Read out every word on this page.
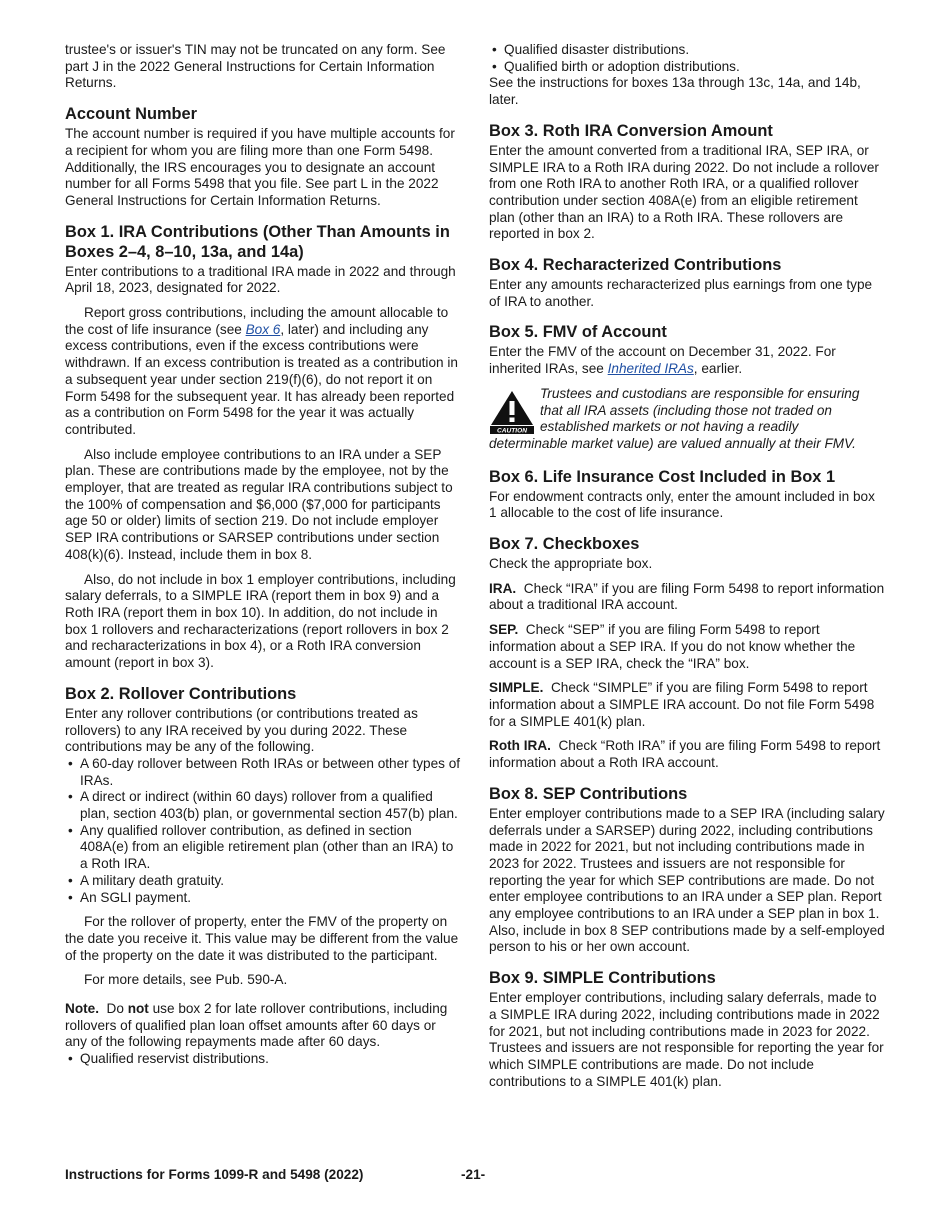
trustee's or issuer's TIN may not be truncated on any form. See part J in the 2022 General Instructions for Certain Information Returns.

Account Number

The account number is required if you have multiple accounts for a recipient for whom you are filing more than one Form 5498. Additionally, the IRS encourages you to designate an account number for all Forms 5498 that you file. See part L in the 2022 General Instructions for Certain Information Returns.

Box 1. IRA Contributions (Other Than Amounts in Boxes 2–4, 8–10, 13a, and 14a)

Enter contributions to a traditional IRA made in 2022 and through April 18, 2023, designated for 2022.

Report gross contributions, including the amount allocable to the cost of life insurance (see Box 6, later) and including any excess contributions, even if the excess contributions were withdrawn. If an excess contribution is treated as a contribution in a subsequent year under section 219(f)(6), do not report it on Form 5498 for the subsequent year. It has already been reported as a contribution on Form 5498 for the year it was actually contributed.

Also include employee contributions to an IRA under a SEP plan. These are contributions made by the employee, not by the employer, that are treated as regular IRA contributions subject to the 100% of compensation and $6,000 ($7,000 for participants age 50 or older) limits of section 219. Do not include employer SEP IRA contributions or SARSEP contributions under section 408(k)(6). Instead, include them in box 8.

Also, do not include in box 1 employer contributions, including salary deferrals, to a SIMPLE IRA (report them in box 9) and a Roth IRA (report them in box 10). In addition, do not include in box 1 rollovers and recharacterizations (report rollovers in box 2 and recharacterizations in box 4), or a Roth IRA conversion amount (report in box 3).

Box 2. Rollover Contributions

Enter any rollover contributions (or contributions treated as rollovers) to any IRA received by you during 2022. These contributions may be any of the following.

• A 60-day rollover between Roth IRAs or between other types of IRAs.
• A direct or indirect (within 60 days) rollover from a qualified plan, section 403(b) plan, or governmental section 457(b) plan.
• Any qualified rollover contribution, as defined in section 408A(e) from an eligible retirement plan (other than an IRA) to a Roth IRA.
• A military death gratuity.
• An SGLI payment.

For the rollover of property, enter the FMV of the property on the date you receive it. This value may be different from the value of the property on the date it was distributed to the participant.

For more details, see Pub. 590-A.

Note. Do not use box 2 for late rollover contributions, including rollovers of qualified plan loan offset amounts after 60 days or any of the following repayments made after 60 days.

• Qualified reservist distributions.
• Qualified disaster distributions.
• Qualified birth or adoption distributions.

See the instructions for boxes 13a through 13c, 14a, and 14b, later.

Box 3. Roth IRA Conversion Amount

Enter the amount converted from a traditional IRA, SEP IRA, or SIMPLE IRA to a Roth IRA during 2022. Do not include a rollover from one Roth IRA to another Roth IRA, or a qualified rollover contribution under section 408A(e) from an eligible retirement plan (other than an IRA) to a Roth IRA. These rollovers are reported in box 2.

Box 4. Recharacterized Contributions

Enter any amounts recharacterized plus earnings from one type of IRA to another.

Box 5. FMV of Account

Enter the FMV of the account on December 31, 2022. For inherited IRAs, see Inherited IRAs, earlier.

CAUTION
Trustees and custodians are responsible for ensuring that all IRA assets (including those not traded on established markets or not having a readily
determinable market value) are valued annually at their FMV.
Box 6. Life Insurance Cost Included in Box 1

For endowment contracts only, enter the amount included in box 1 allocable to the cost of life insurance.

Box 7. Checkboxes

Check the appropriate box.

IRA. Check “IRA” if you are filing Form 5498 to report information about a traditional IRA account.

SEP. Check “SEP” if you are filing Form 5498 to report information about a SEP IRA. If you do not know whether the account is a SEP IRA, check the “IRA” box.

SIMPLE. Check “SIMPLE” if you are filing Form 5498 to report information about a SIMPLE IRA account. Do not file Form 5498 for a SIMPLE 401(k) plan.

Roth IRA. Check “Roth IRA” if you are filing Form 5498 to report information about a Roth IRA account.

Box 8. SEP Contributions

Enter employer contributions made to a SEP IRA (including salary deferrals under a SARSEP) during 2022, including contributions made in 2022 for 2021, but not including contributions made in 2023 for 2022. Trustees and issuers are not responsible for reporting the year for which SEP contributions are made. Do not enter employee contributions to an IRA under a SEP plan. Report any employee contributions to an IRA under a SEP plan in box 1. Also, include in box 8 SEP contributions made by a self-employed person to his or her own account.

Box 9. SIMPLE Contributions

Enter employer contributions, including salary deferrals, made to a SIMPLE IRA during 2022, including contributions made in 2022 for 2021, but not including contributions made in 2023 for 2022. Trustees and issuers are not responsible for reporting the year for which SIMPLE contributions are made. Do not include contributions to a SIMPLE 401(k) plan.

Instructions for Forms 1099-R and 5498 (2022)	-21-
